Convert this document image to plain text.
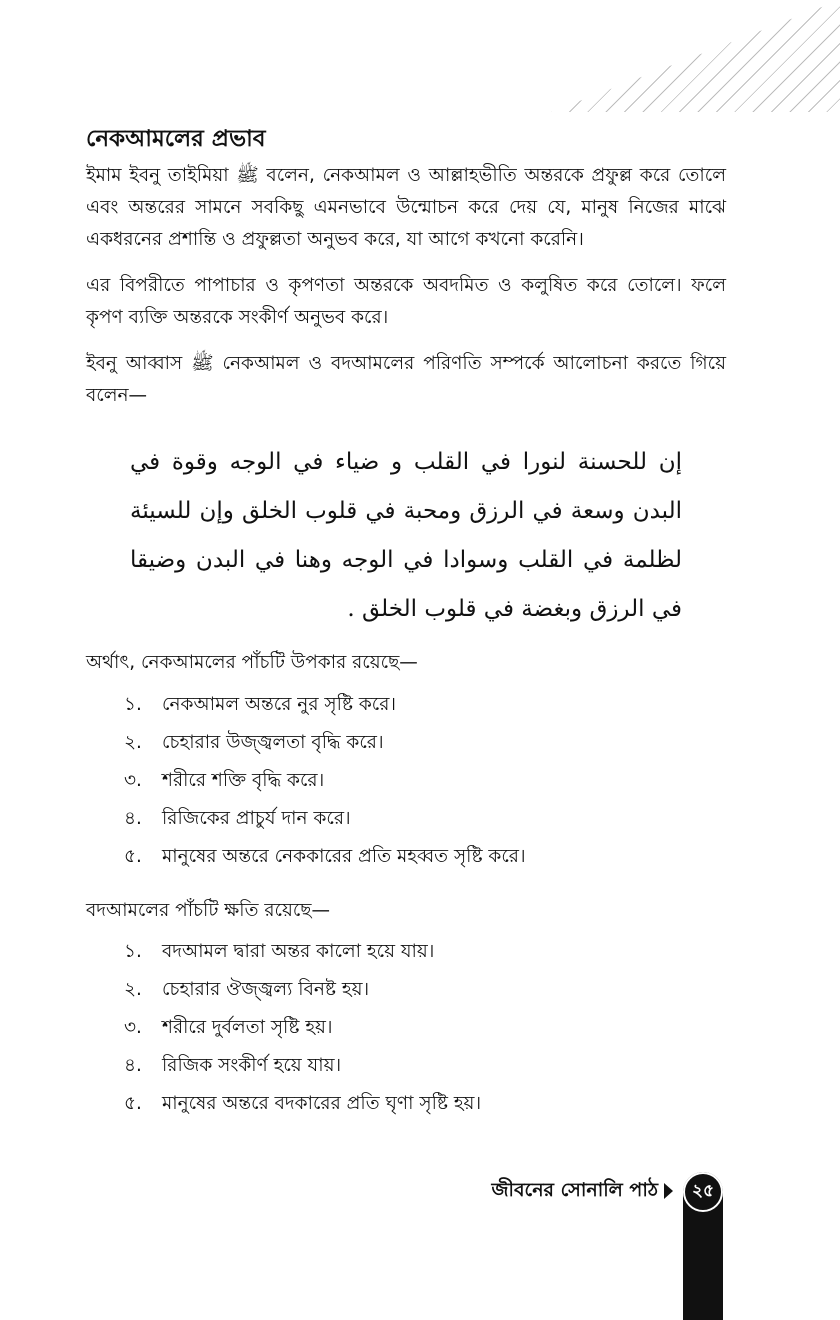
নেকআমলের প্রভাব

ইমাম ইবনু তাইমিয়া ﷺ বলেন, নেকআমল ও আল্লাহভীতি অন্তরকে প্রফুল্ল করে তোলে এবং অন্তরের সামনে সবকিছু এমনভাবে উন্মোচন করে দেয় যে, মানুষ নিজের মাঝে একধরনের প্রশান্তি ও প্রফুল্লতা অনুভব করে, যা আগে কখনো করেনি।

এর বিপরীতে পাপাচার ও কৃপণতা অন্তরকে অবদমিত ও কলুষিত করে তোলে। ফলে কৃপণ ব্যক্তি অন্তরকে সংকীর্ণ অনুভব করে।

ইবনু আব্বাস ﷺ নেকআমল ও বদআমলের পরিণতি সম্পর্কে আলোচনা করতে গিয়ে বলেন—

إن للحسنة لنورا في القلب و ضياء في الوجه وقوة في البدن وسعة في الرزق ومحبة في قلوب الخلق وإن للسيئة لظلمة في القلب وسوادا في الوجه وهنا في البدن وضيقا في الرزق وبغضة في قلوب الخلق .

অর্থাৎ, নেকআমলের পাঁচটি উপকার রয়েছে—
১.	নেকআমল অন্তরে নুর সৃষ্টি করে।
২.	চেহারার উজ্জ্বলতা বৃদ্ধি করে।
৩.	শরীরে শক্তি বৃদ্ধি করে।
৪.	রিজিকের প্রাচুর্য দান করে।
৫.	মানুষের অন্তরে নেককারের প্রতি মহব্বত সৃষ্টি করে।
বদআমলের পাঁচটি ক্ষতি রয়েছে—
১.	বদআমল দ্বারা অন্তর কালো হয়ে যায়।
২.	চেহারার ঔজ্জ্বল্য বিনষ্ট হয়।
৩.	শরীরে দুর্বলতা সৃষ্টি হয়।
৪.	রিজিক সংকীর্ণ হয়ে যায়।
৫.	মানুষের অন্তরে বদকারের প্রতি ঘৃণা সৃষ্টি হয়।
জীবনের সোনালি পাঠ	২৫
